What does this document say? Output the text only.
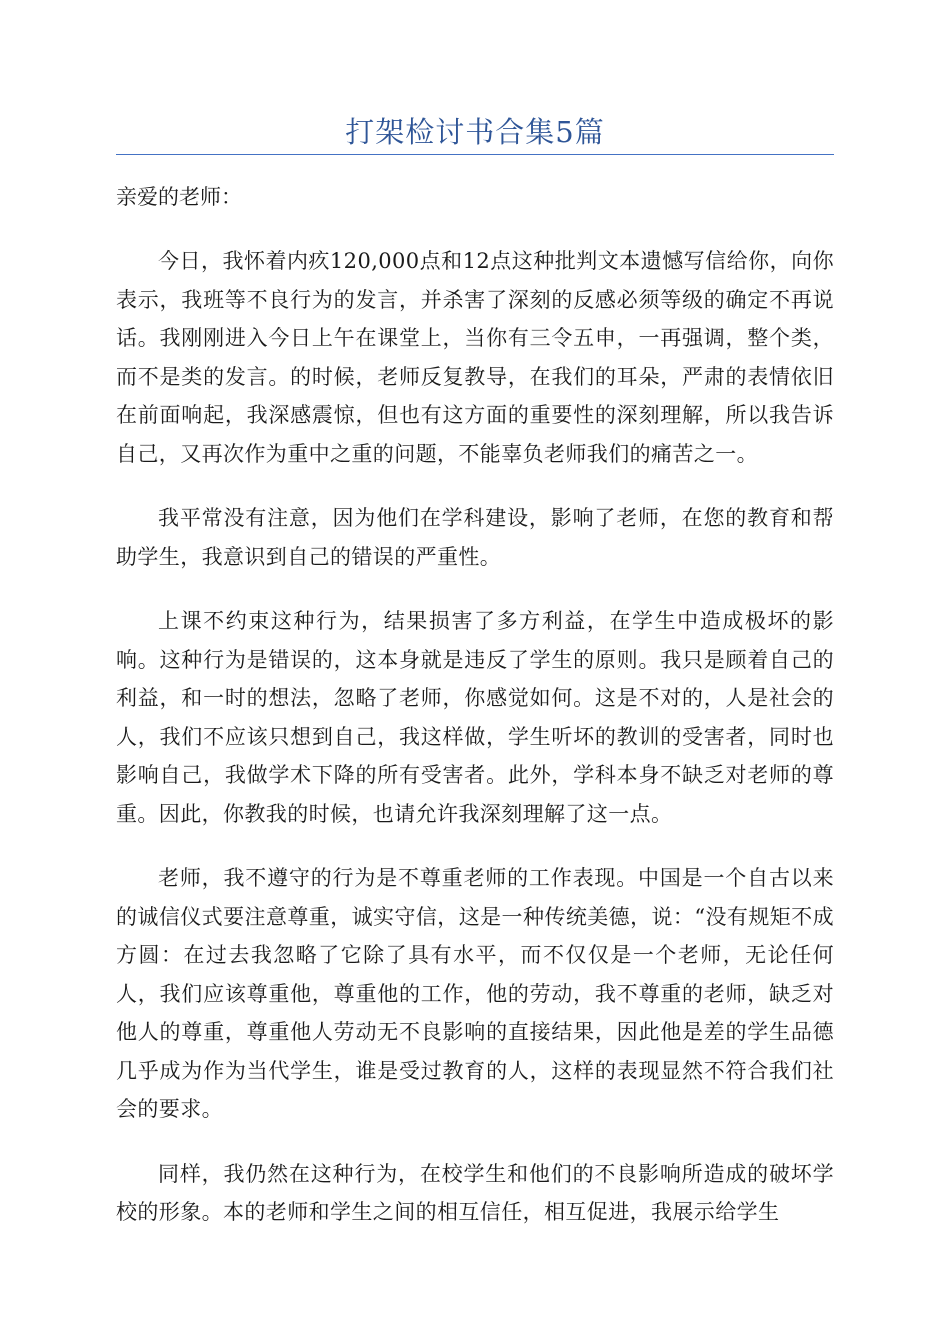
打架检讨书合集5篇

亲爱的老师：

今日，我怀着内疚120,000点和12点这种批判文本遗憾写信给你，向你表示，我班等不良行为的发言，并杀害了深刻的反感必须等级的确定不再说话。我刚刚进入今日上午在课堂上，当你有三令五申，一再强调，整个类，而不是类的发言。的时候，老师反复教导，在我们的耳朵，严肃的表情依旧在前面响起，我深感震惊，但也有这方面的重要性的深刻理解，所以我告诉自己，又再次作为重中之重的问题，不能辜负老师我们的痛苦之一。

我平常没有注意，因为他们在学科建设，影响了老师，在您的教育和帮助学生，我意识到自己的错误的严重性。

上课不约束这种行为，结果损害了多方利益，在学生中造成极坏的影响。这种行为是错误的，这本身就是违反了学生的原则。我只是顾着自己的利益，和一时的想法，忽略了老师，你感觉如何。这是不对的，人是社会的人，我们不应该只想到自己，我这样做，学生听坏的教训的受害者，同时也影响自己，我做学术下降的所有受害者。此外，学科本身不缺乏对老师的尊重。因此，你教我的时候，也请允许我深刻理解了这一点。

老师，我不遵守的行为是不尊重老师的工作表现。中国是一个自古以来的诚信仪式要注意尊重，诚实守信，这是一种传统美德，说：“没有规矩不成方圆：在过去我忽略了它除了具有水平，而不仅仅是一个老师，无论任何人，我们应该尊重他，尊重他的工作，他的劳动，我不尊重的老师，缺乏对他人的尊重，尊重他人劳动无不良影响的直接结果，因此他是差的学生品德几乎成为作为当代学生，谁是受过教育的人，这样的表现显然不符合我们社会的要求。

同样，我仍然在这种行为，在校学生和他们的不良影响所造成的破坏学校的形象。本的老师和学生之间的相互信任，相互促进，我展示给学生
